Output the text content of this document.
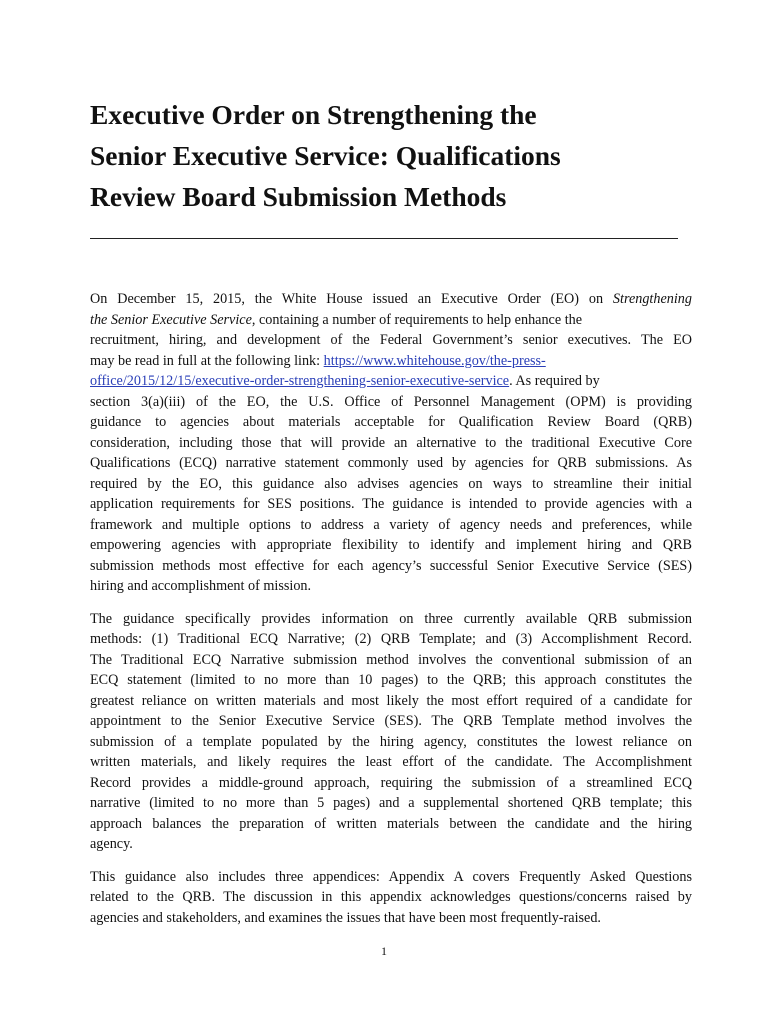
Executive Order on Strengthening the
Senior Executive Service: Qualifications
Review Board Submission Methods

On December 15, 2015, the White House issued an Executive Order (EO) on Strengthening
the Senior Executive Service, containing a number of requirements to help enhance the
recruitment, hiring, and development of the Federal Government’s senior executives. The EO
may be read in full at the following link: https://www.whitehouse.gov/the-press-
office/2015/12/15/executive-order-strengthening-senior-executive-service. As required by
section 3(a)(iii) of the EO, the U.S. Office of Personnel Management (OPM) is providing
guidance to agencies about materials acceptable for Qualification Review Board (QRB)
consideration, including those that will provide an alternative to the traditional Executive Core
Qualifications (ECQ) narrative statement commonly used by agencies for QRB submissions. As
required by the EO, this guidance also advises agencies on ways to streamline their initial
application requirements for SES positions. The guidance is intended to provide agencies with a
framework and multiple options to address a variety of agency needs and preferences, while
empowering agencies with appropriate flexibility to identify and implement hiring and QRB
submission methods most effective for each agency’s successful Senior Executive Service (SES)
hiring and accomplishment of mission.

The guidance specifically provides information on three currently available QRB submission
methods: (1) Traditional ECQ Narrative; (2) QRB Template; and (3) Accomplishment Record.
The Traditional ECQ Narrative submission method involves the conventional submission of an
ECQ statement (limited to no more than 10 pages) to the QRB; this approach constitutes the
greatest reliance on written materials and most likely the most effort required of a candidate for
appointment to the Senior Executive Service (SES). The QRB Template method involves the
submission of a template populated by the hiring agency, constitutes the lowest reliance on
written materials, and likely requires the least effort of the candidate. The Accomplishment
Record provides a middle-ground approach, requiring the submission of a streamlined ECQ
narrative (limited to no more than 5 pages) and a supplemental shortened QRB template; this
approach balances the preparation of written materials between the candidate and the hiring
agency.

This guidance also includes three appendices: Appendix A covers Frequently Asked Questions
related to the QRB. The discussion in this appendix acknowledges questions/concerns raised by
agencies and stakeholders, and examines the issues that have been most frequently-raised.

1
